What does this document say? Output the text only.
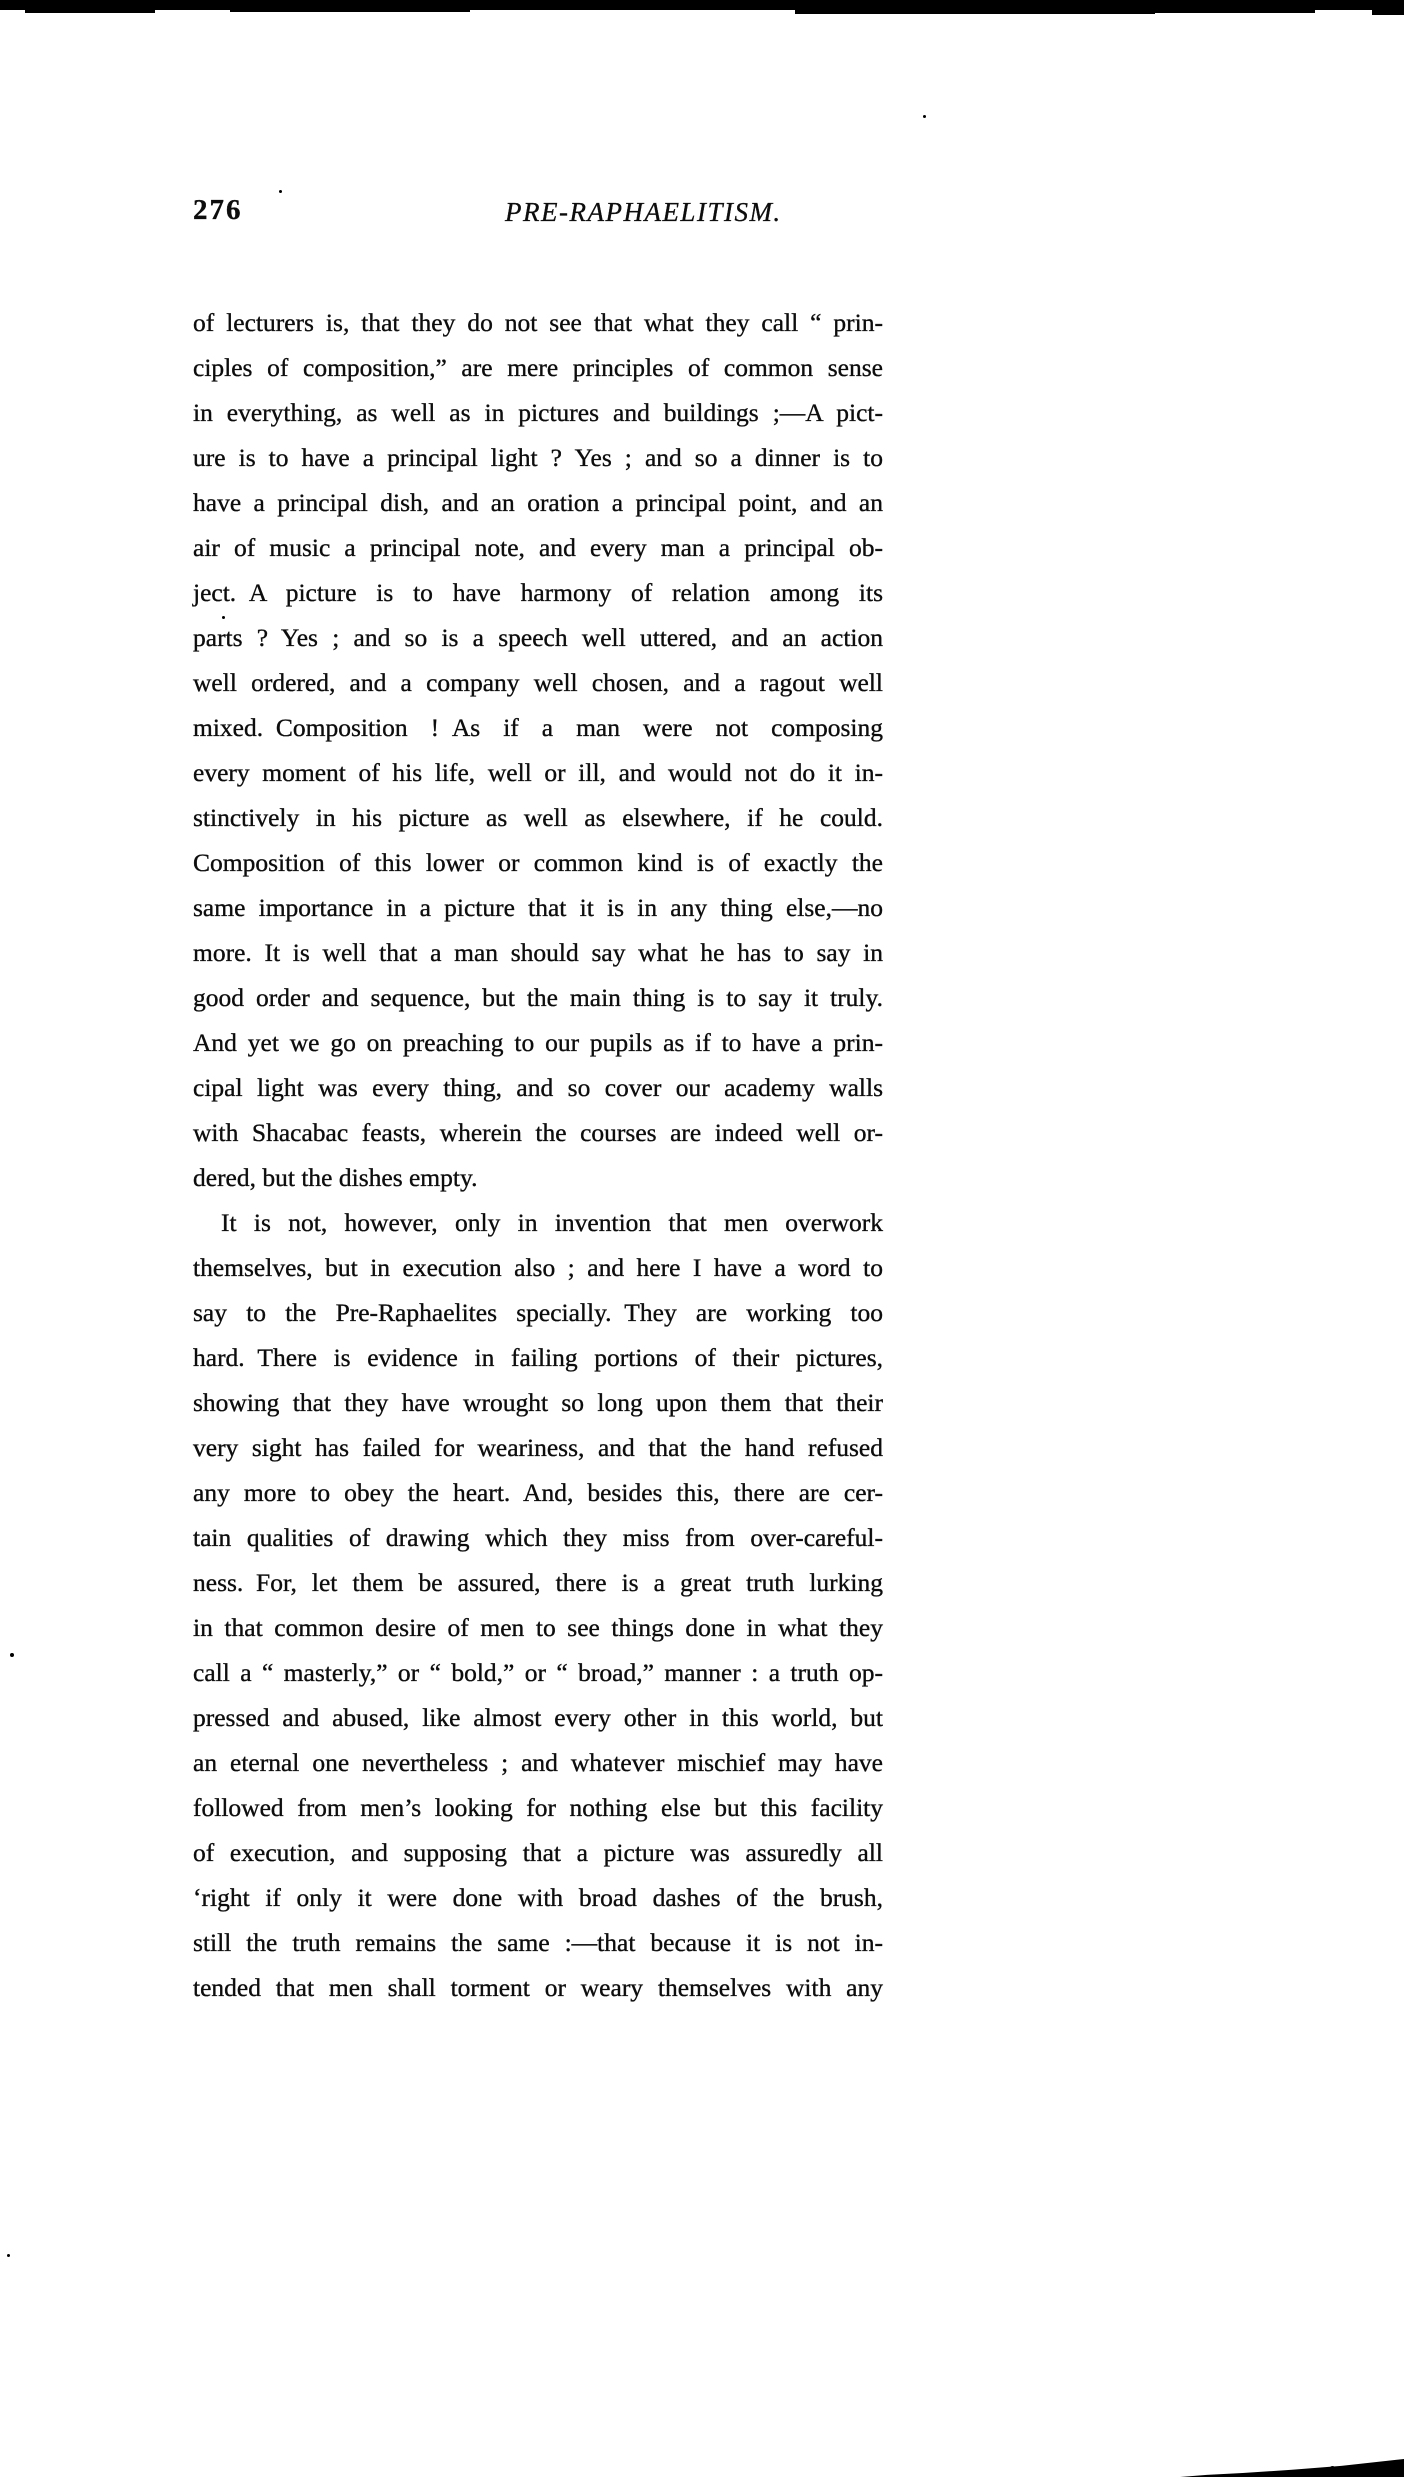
276	PRE-RAPHAELITISM.
of lecturers is, that they do not see that what they call “ prin-
ciples of composition,” are mere principles of common sense
in everything, as well as in pictures and buildings ;—A pict-
ure is to have a principal light ? Yes ; and so a dinner is to
have a principal dish, and an oration a principal point, and an
air of music a principal note, and every man a principal ob-
ject. A picture is to have harmony of relation among its
parts ? Yes ; and so is a speech well uttered, and an action
well ordered, and a company well chosen, and a ragout well
mixed. Composition ! As if a man were not composing
every moment of his life, well or ill, and would not do it in-
stinctively in his picture as well as elsewhere, if he could.
Composition of this lower or common kind is of exactly the
same importance in a picture that it is in any thing else,—no
more. It is well that a man should say what he has to say in
good order and sequence, but the main thing is to say it truly.
And yet we go on preaching to our pupils as if to have a prin-
cipal light was every thing, and so cover our academy walls
with Shacabac feasts, wherein the courses are indeed well or-
dered, but the dishes empty.
It is not, however, only in invention that men overwork
themselves, but in execution also ; and here I have a word to
say to the Pre-Raphaelites specially. They are working too
hard. There is evidence in failing portions of their pictures,
showing that they have wrought so long upon them that their
very sight has failed for weariness, and that the hand refused
any more to obey the heart. And, besides this, there are cer-
tain qualities of drawing which they miss from over-careful-
ness. For, let them be assured, there is a great truth lurking
in that common desire of men to see things done in what they
call a “ masterly,” or “ bold,” or “ broad,” manner : a truth op-
pressed and abused, like almost every other in this world, but
an eternal one nevertheless ; and whatever mischief may have
followed from men’s looking for nothing else but this facility
of execution, and supposing that a picture was assuredly all
‘right if only it were done with broad dashes of the brush,
still the truth remains the same :—that because it is not in-
tended that men shall torment or weary themselves with any
